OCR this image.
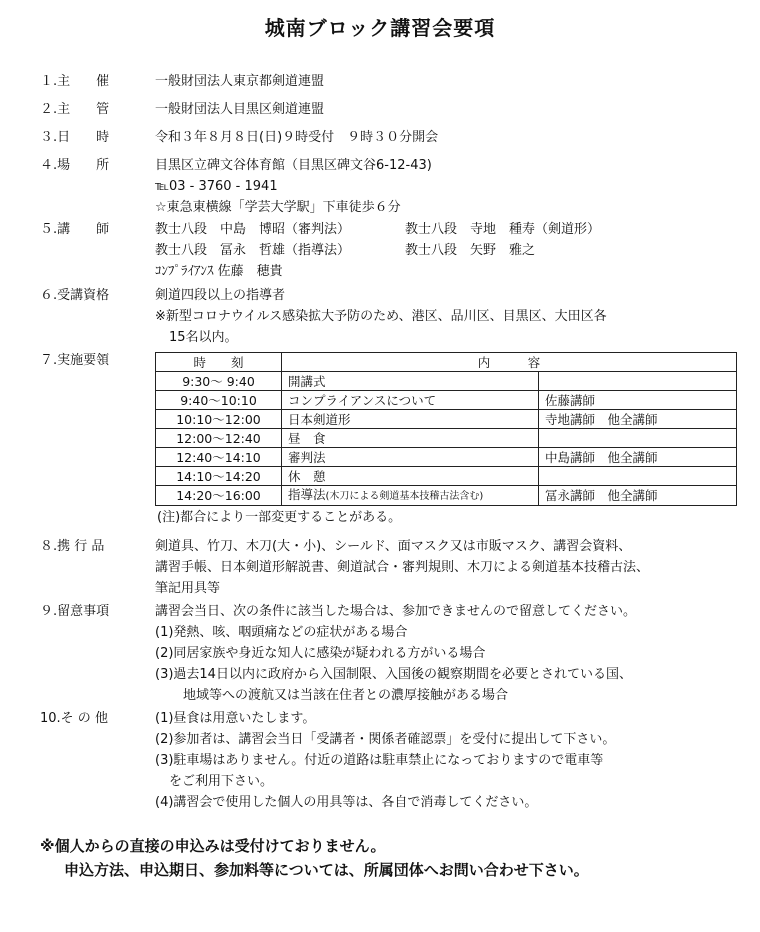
城南ブロック講習会要項
１.主　　催	一般財団法人東京都剣道連盟
２.主　　管	一般財団法人目黒区剣道連盟
３.日　　時	令和３年８月８日(日)９時受付　９時３０分開会
４.場　　所	目黒区立碑文谷体育館（目黒区碑文谷6-12-43)
℡03 - 3760 - 1941
☆東急東横線「学芸大学駅」下車徒歩６分
５.講　　師	教士八段　中島　博昭（審判法）	教士八段　寺地　種寿（剣道形）
教士八段　冨永　哲雄（指導法）	教士八段　矢野　雅之
ｺﾝﾌﾟﾗｲｱﾝｽ 佐藤　穂貴
６.受講資格	剣道四段以上の指導者
※新型コロナウイルス感染拡大予防のため、港区、品川区、目黒区、大田区各
15名以内。
７.実施要領	時　　刻	内　　　容	
9:30〜 9:40	開講式	
9:40〜10:10	コンプライアンスについて	佐藤講師
10:10〜12:00	日本剣道形	寺地講師　他全講師
12:00〜12:40	昼　食	
12:40〜14:10	審判法	中島講師　他全講師
14:10〜14:20	休　憩	
14:20〜16:00	指導法(木刀による剣道基本技稽古法含む)	冨永講師　他全講師
(注)都合により一部変更することがある。
８.携 行 品	剣道具、竹刀、木刀(大・小)、シールド、面マスク又は市販マスク、講習会資料、
講習手帳、日本剣道形解説書、剣道試合・審判規則、木刀による剣道基本技稽古法、
筆記用具等
９.留意事項	講習会当日、次の条件に該当した場合は、参加できませんので留意してください。
(1)発熱、咳、咽頭痛などの症状がある場合
(2)同居家族や身近な知人に感染が疑われる方がいる場合
(3)過去14日以内に政府から入国制限、入国後の観察期間を必要とされている国、
地域等への渡航又は当該在住者との濃厚接触がある場合
10.そ の 他	(1)昼食は用意いたします。
(2)参加者は、講習会当日「受講者・関係者確認票」を受付に提出して下さい。
(3)駐車場はありません。付近の道路は駐車禁止になっておりますので電車等
をご利用下さい。
(4)講習会で使用した個人の用具等は、各自で消毒してください。
※個人からの直接の申込みは受付けておりません。
申込方法、申込期日、参加料等については、所属団体へお問い合わせ下さい。
